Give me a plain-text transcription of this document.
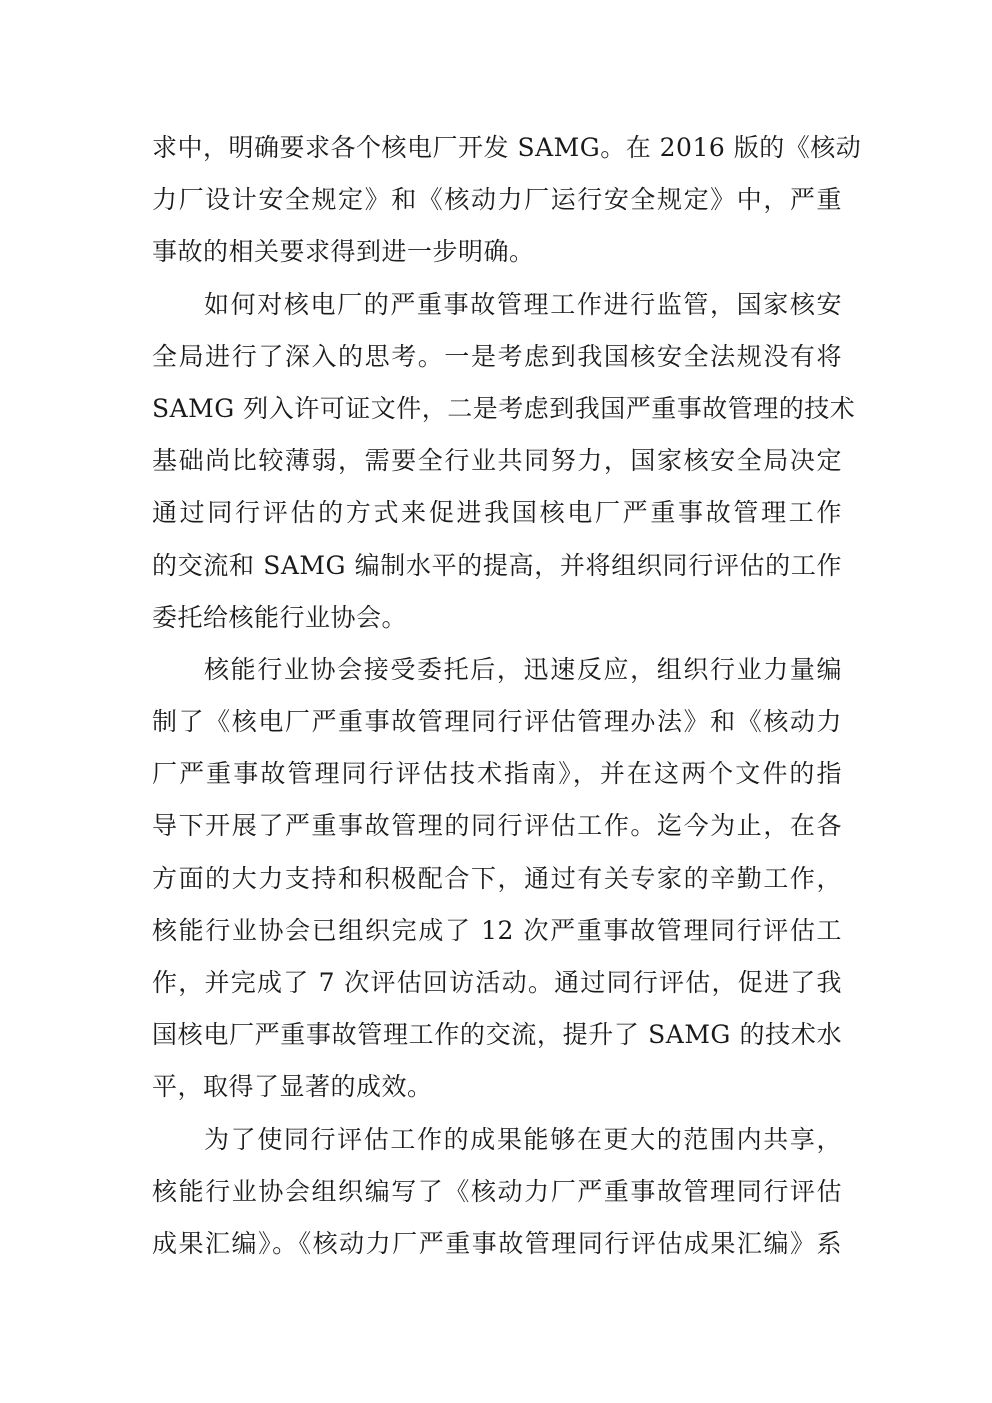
求中，明确要求各个核电厂开发 SAMG。在 2016 版的《核动
力厂设计安全规定》和《核动力厂运行安全规定》中，严重
事故的相关要求得到进一步明确。
如何对核电厂的严重事故管理工作进行监管，国家核安
全局进行了深入的思考。一是考虑到我国核安全法规没有将
SAMG 列入许可证文件，二是考虑到我国严重事故管理的技术
基础尚比较薄弱，需要全行业共同努力，国家核安全局决定
通过同行评估的方式来促进我国核电厂严重事故管理工作
的交流和 SAMG 编制水平的提高，并将组织同行评估的工作
委托给核能行业协会。
核能行业协会接受委托后，迅速反应，组织行业力量编
制了《核电厂严重事故管理同行评估管理办法》和《核动力
厂严重事故管理同行评估技术指南》，并在这两个文件的指
导下开展了严重事故管理的同行评估工作。迄今为止，在各
方面的大力支持和积极配合下，通过有关专家的辛勤工作，
核能行业协会已组织完成了 12 次严重事故管理同行评估工
作，并完成了 7 次评估回访活动。通过同行评估，促进了我
国核电厂严重事故管理工作的交流，提升了 SAMG 的技术水
平，取得了显著的成效。
为了使同行评估工作的成果能够在更大的范围内共享，
核能行业协会组织编写了《核动力厂严重事故管理同行评估
成果汇编》。《核动力厂严重事故管理同行评估成果汇编》系
